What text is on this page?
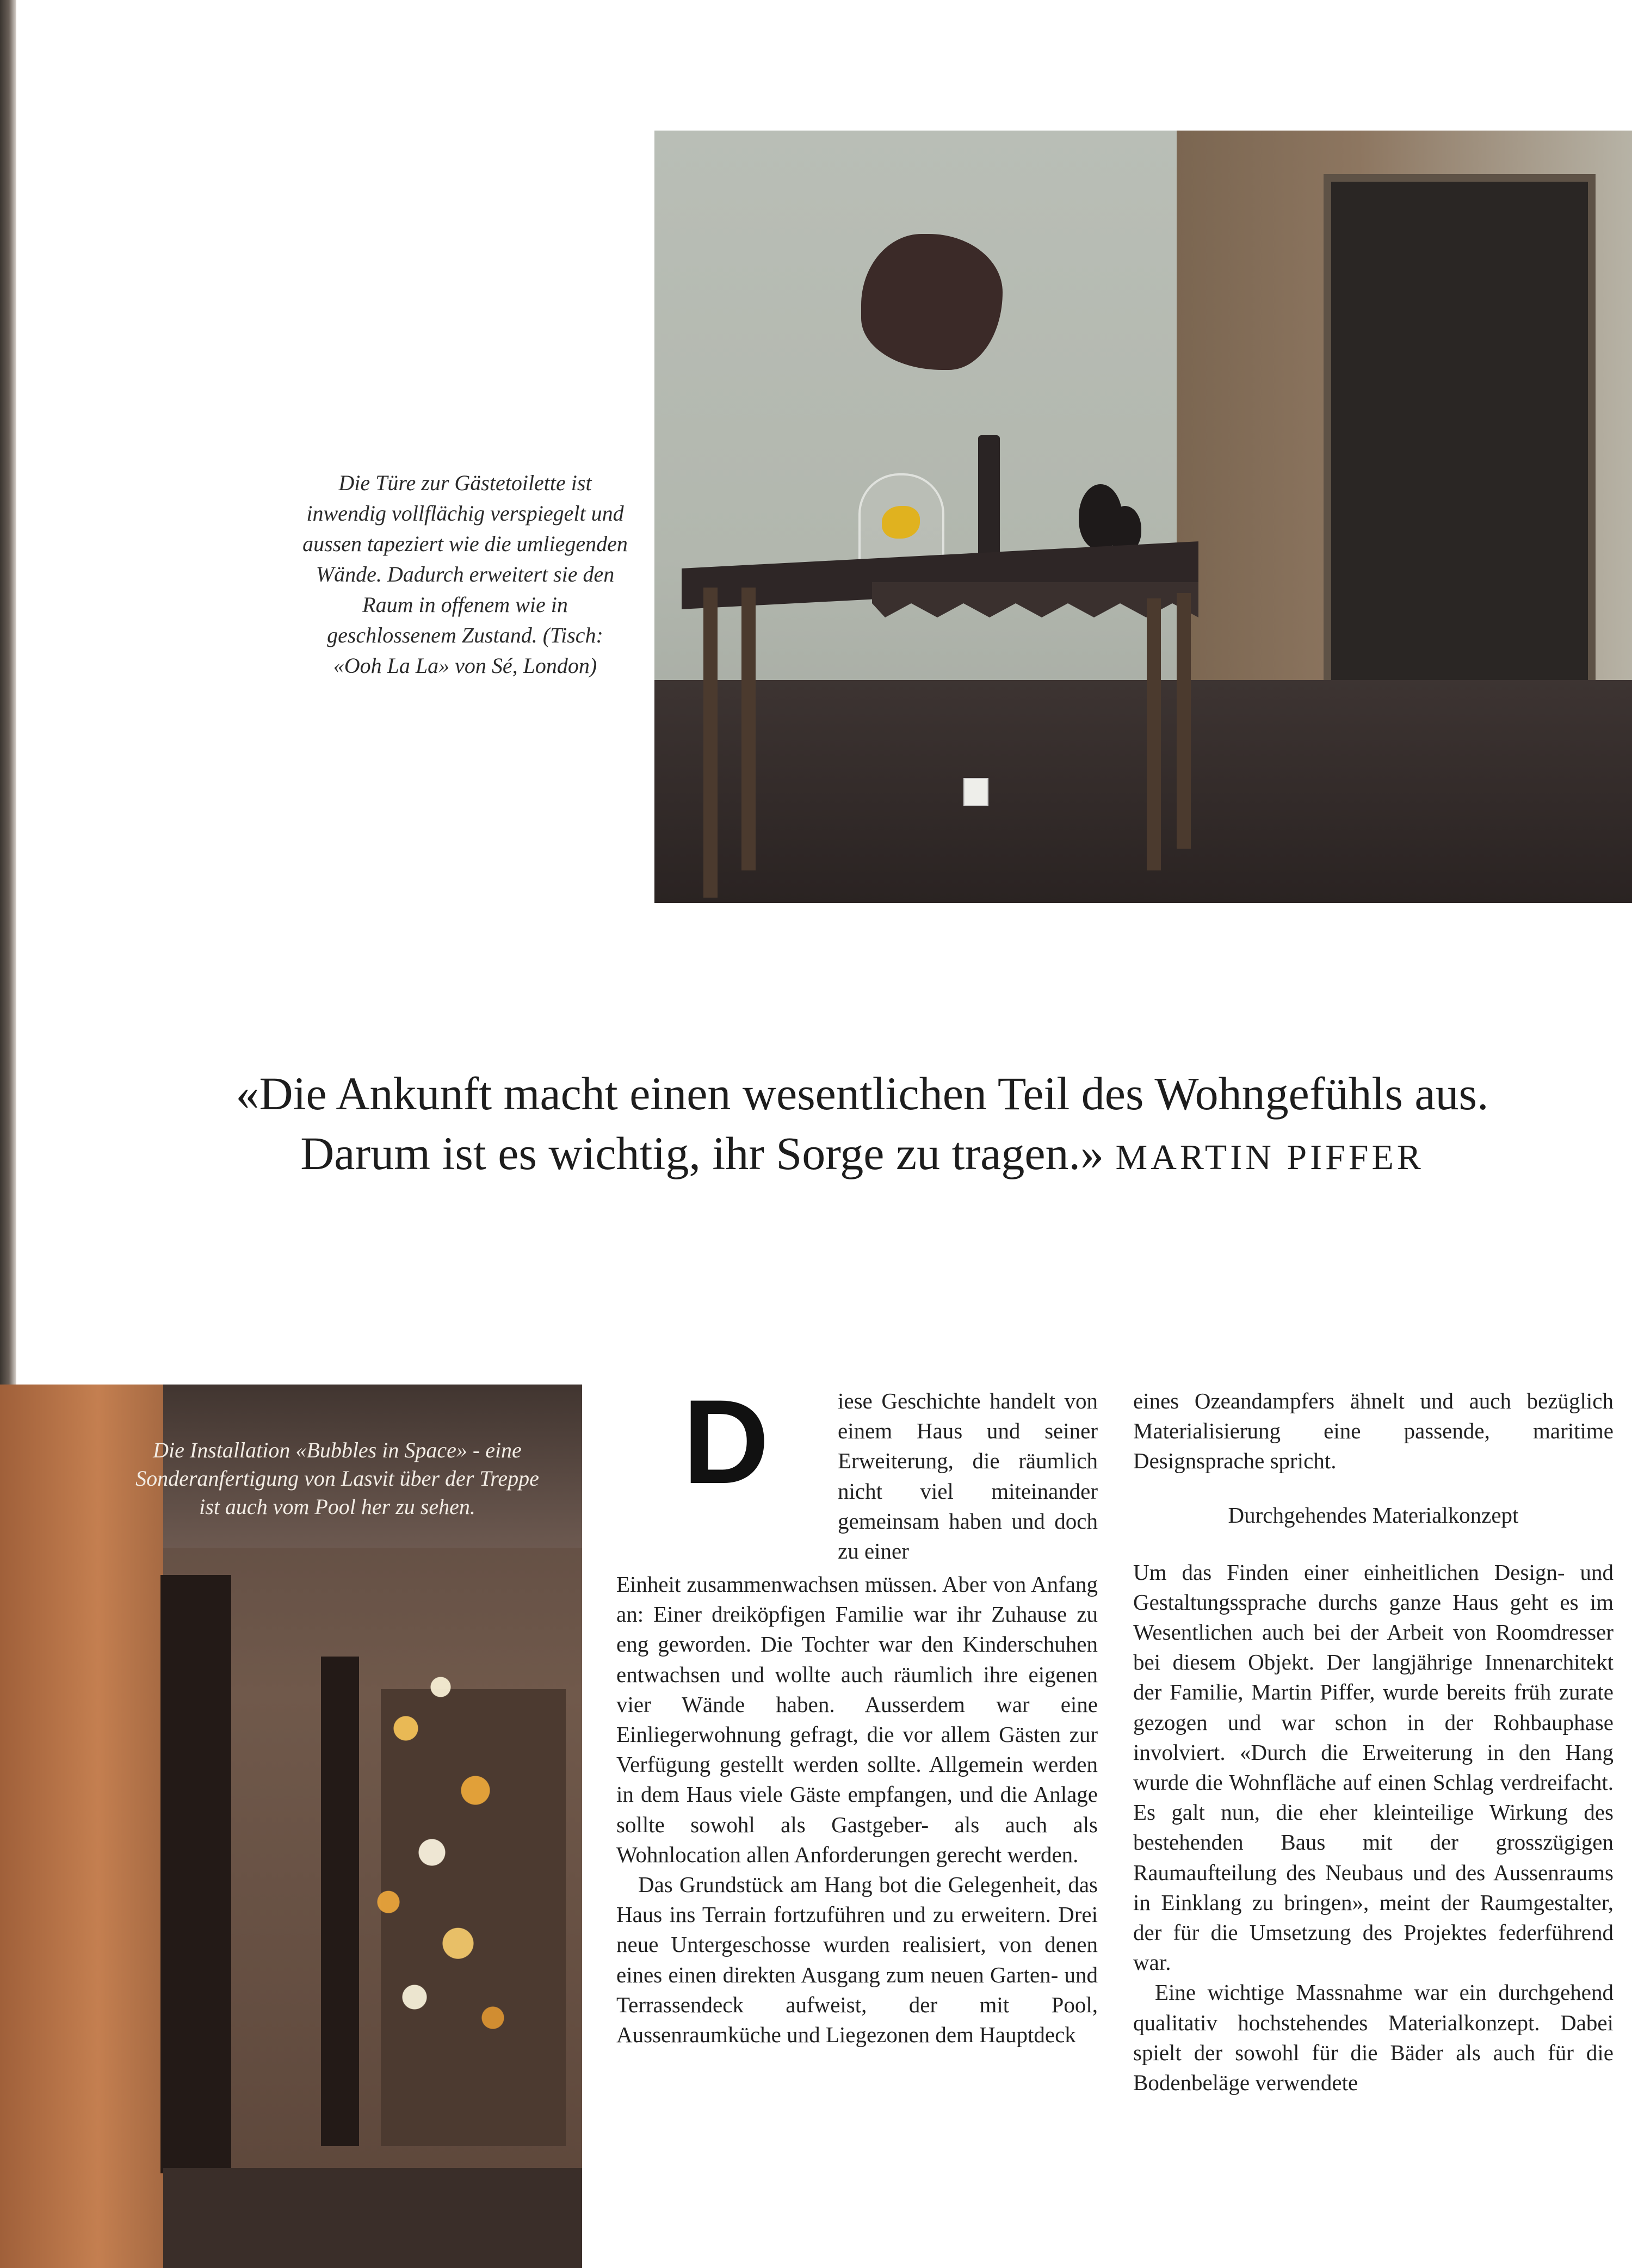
Die Türe zur Gästetoilette ist inwendig vollflächig verspiegelt und aussen tapeziert wie die umliegenden Wände. Dadurch erweitert sie den Raum in offenem wie in geschlossenem Zustand. (Tisch: «Ooh La La» von Sé, London)
«Die Ankunft macht einen wesentlichen Teil des Wohngefühls aus.
Darum ist es wichtig, ihr Sorge zu tragen.» MARTIN PIFFER
Die Installation «Bubbles in Space» - eine Sonderanfertigung von Lasvit über der Treppe ist auch vom Pool her zu sehen.	D	iese Geschichte handelt von einem Haus und seiner Erweiterung, die räumlich nicht viel miteinander gemeinsam haben und doch zu einer

Einheit zusammenwachsen müssen. Aber von Anfang an: Einer dreiköpfigen Familie war ihr Zuhause zu eng geworden. Die Tochter war den Kinderschuhen entwachsen und wollte auch räumlich ihre eigenen vier Wände haben. Ausserdem war eine Einliegerwohnung gefragt, die vor allem Gästen zur Verfügung gestellt werden sollte. Allgemein werden in dem Haus viele Gäste empfangen, und die Anlage sollte sowohl als Gastgeber- als auch als Wohnlocation allen Anforderungen gerecht werden.

Das Grundstück am Hang bot die Gelegenheit, das Haus ins Terrain fortzuführen und zu erweitern. Drei neue Untergeschosse wurden realisiert, von denen eines einen direkten Ausgang zum neuen Garten- und Terrassendeck aufweist, der mit Pool, Aussenraumküche und Liegezonen dem Hauptdeck

eines Ozeandampfers ähnelt und auch bezüglich Materialisierung eine passende, maritime Designsprache spricht.

Durchgehendes Materialkonzept

Um das Finden einer einheitlichen Design- und Gestaltungssprache durchs ganze Haus geht es im Wesentlichen auch bei der Arbeit von Roomdresser bei diesem Objekt. Der langjährige Innenarchitekt der Familie, Martin Piffer, wurde bereits früh zurate gezogen und war schon in der Rohbauphase involviert. «Durch die Erweiterung in den Hang wurde die Wohnfläche auf einen Schlag verdreifacht. Es galt nun, die eher kleinteilige Wirkung des bestehenden Baus mit der grosszügigen Raumaufteilung des Neubaus und des Aussenraums in Einklang zu bringen», meint der Raumgestalter, der für die Umsetzung des Projektes federführend war.

Eine wichtige Massnahme war ein durchgehend qualitativ hochstehendes Materialkonzept. Dabei spielt der sowohl für die Bäder als auch für die Bodenbeläge verwendete
